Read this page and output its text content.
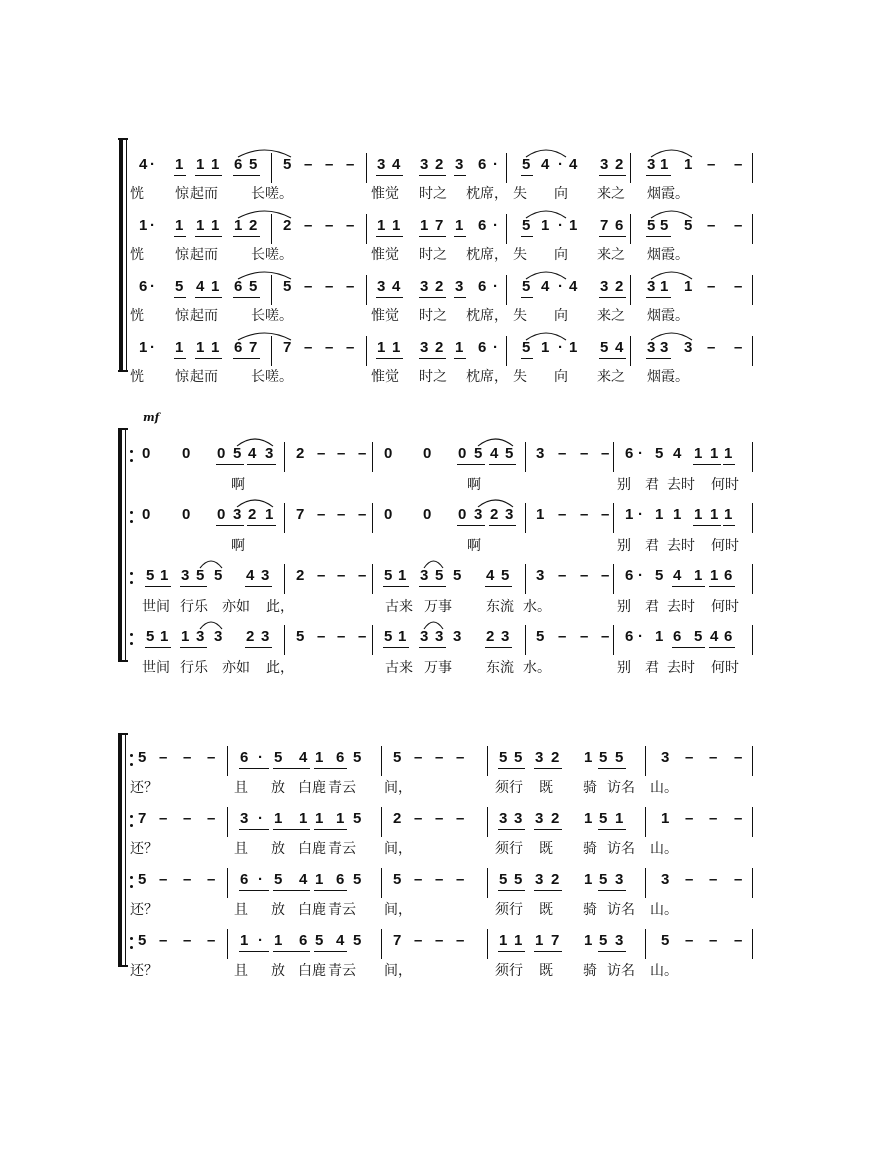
mf
4 · 1 1 1 6 5 5 – – – 3 4 3 2 3 6 · 5 4 · 4 3 2 3 1 1 – –
恍 惊 起而 长嗟。	惟觉 时之 枕席， 失 向 来之 烟霞。
1 · 1 1 1 1 2 2 – – – 1 1 1 7 1 6 · 5 1 · 1 7 6 5 5 5 – –
恍 惊 起而 长嗟。	惟觉 时之 枕席， 失 向 来之 烟霞。
6 · 5 4 1 6 5 5 – – – 3 4 3 2 3 6 · 5 4 · 4 3 2 3 1 1 – –
恍 惊 起而 长嗟。	惟觉 时之 枕席， 失 向 来之 烟霞。
1 · 1 1 1 6 7 7 – – – 1 1 3 2 1 6 · 5 1 · 1 5 4 3 3 3 – –
恍 惊 起而 长嗟。	惟觉 时之 枕席， 失 向 来之 烟霞。
0 0 0 5 4 3 2 – – – 0 0 0 5 4 5 3 – – – 6 · 5 4 1 1 1
啊	啊	别 君 去时 何时
0 0 0 3 2 1 7 – – – 0 0 0 3 2 3 1 – – – 1 · 1 1 1 1 1
啊	啊	别 君 去时 何时
5 1 3 5 5 4 3 2 – – – 5 1 3 5 5 4 5 3 – – – 6 · 5 4 1 1 6
世间 行乐 亦如 此，	古来 万事 东流 水。	别 君 去时 何时
5 1 1 3 3 2 3 5 – – – 5 1 3 3 3 2 3 5 – – – 6 · 1 6 5 4 6
世间 行乐 亦如 此，	古来 万事 东流 水。	别 君 去时 何时
5 – – – 6 · 5 4 1 6 5 5 – – – 5 5 3 2 1 5 5	3 – – –
还？	且 放 白鹿 青云 间，	须行 既 骑 访名 山。
7 – – – 3 · 1 1 1 1 5 2 – – – 3 3 3 2 1 5 1	1 – – –
还？	且 放 白鹿 青云 间，	须行 既 骑 访名 山。
5 – – – 6 · 5 4 1 6 5 5 – – – 5 5 3 2 1 5 3	3 – – –
还？	且 放 白鹿 青云 间，	须行 既 骑 访名 山。
5 – – – 1 · 1 6 5 4 5 7 – – – 1 1 1 7 1 5 3	5 – – –
还？	且 放 白鹿 青云 间，	须行 既 骑 访名 山。
